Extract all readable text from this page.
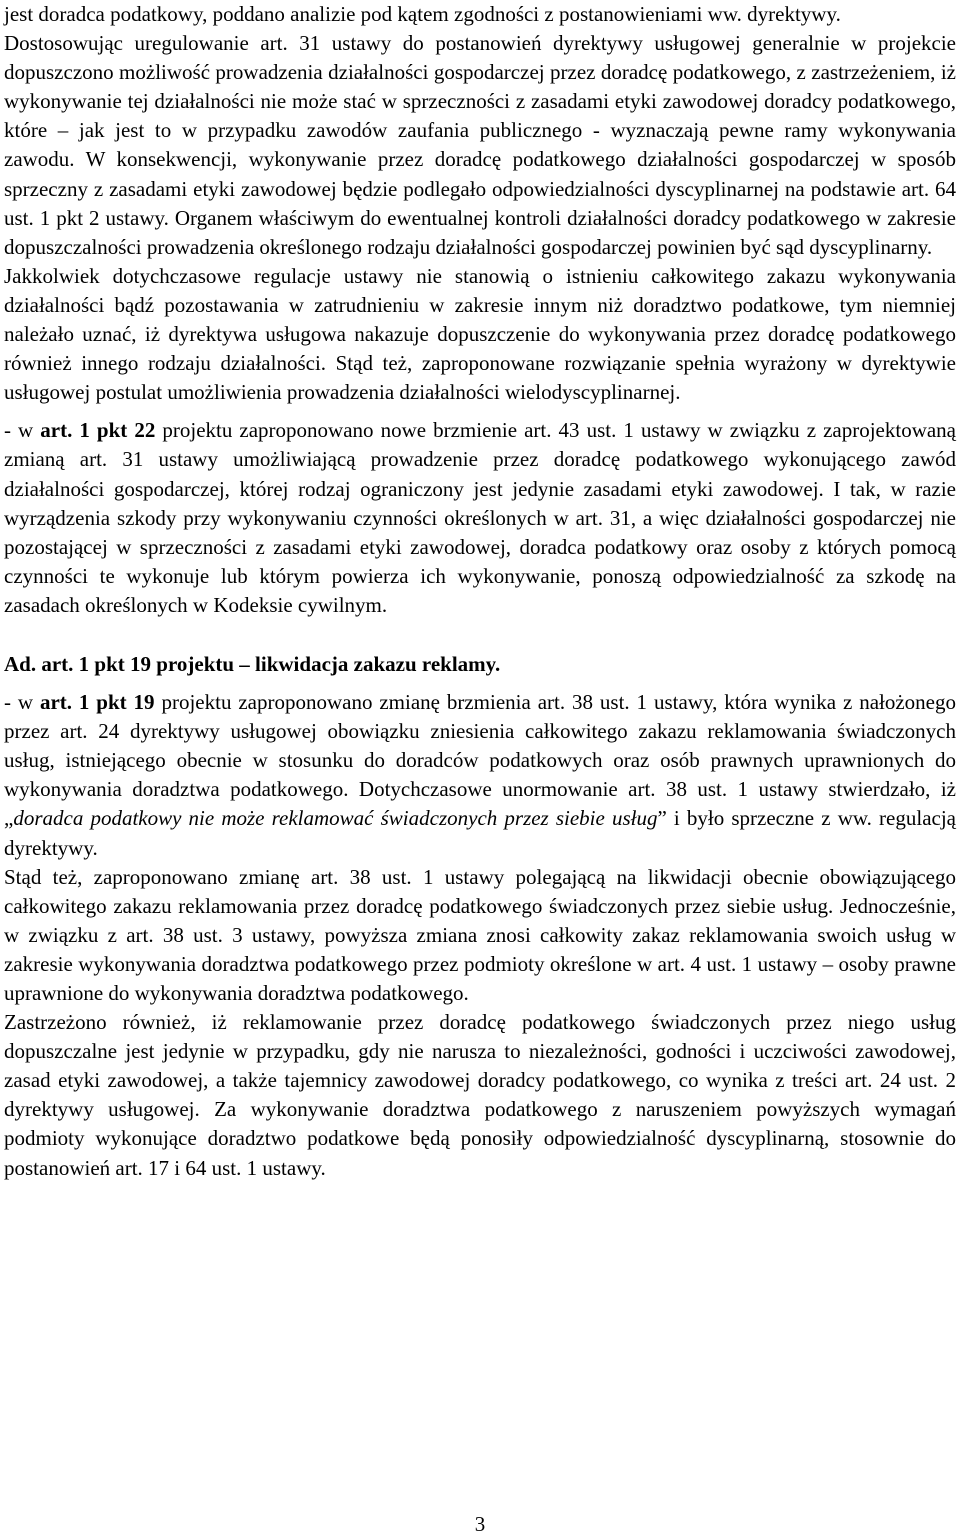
jest doradca podatkowy, poddano analizie pod kątem zgodności z postanowieniami ww. dyrektywy.

Dostosowując uregulowanie art. 31 ustawy do postanowień dyrektywy usługowej generalnie w projekcie dopuszczono możliwość prowadzenia działalności gospodarczej przez doradcę podatkowego, z zastrzeżeniem, iż wykonywanie tej działalności nie może stać w sprzeczności z zasadami etyki zawodowej doradcy podatkowego, które – jak jest to w przypadku zawodów zaufania publicznego - wyznaczają pewne ramy wykonywania zawodu. W konsekwencji, wykonywanie przez doradcę podatkowego działalności gospodarczej w sposób sprzeczny z zasadami etyki zawodowej będzie podlegało odpowiedzialności dyscyplinarnej na podstawie art. 64 ust. 1 pkt 2 ustawy. Organem właściwym do ewentualnej kontroli działalności doradcy podatkowego w zakresie dopuszczalności prowadzenia określonego rodzaju działalności gospodarczej powinien być sąd dyscyplinarny.

Jakkolwiek dotychczasowe regulacje ustawy nie stanowią o istnieniu całkowitego zakazu wykonywania działalności bądź pozostawania w zatrudnieniu w zakresie innym niż doradztwo podatkowe, tym niemniej należało uznać, iż dyrektywa usługowa nakazuje dopuszczenie do wykonywania przez doradcę podatkowego również innego rodzaju działalności. Stąd też, zaproponowane rozwiązanie spełnia wyrażony w dyrektywie usługowej postulat umożliwienia prowadzenia działalności wielodyscyplinarnej.

- w art. 1 pkt 22 projektu zaproponowano nowe brzmienie art. 43 ust. 1 ustawy w związku z zaprojektowaną zmianą art. 31 ustawy umożliwiającą prowadzenie przez doradcę podatkowego wykonującego zawód działalności gospodarczej, której rodzaj ograniczony jest jedynie zasadami etyki zawodowej. I tak, w razie wyrządzenia szkody przy wykonywaniu czynności określonych w art. 31, a więc działalności gospodarczej nie pozostającej w sprzeczności z zasadami etyki zawodowej, doradca podatkowy oraz osoby z których pomocą czynności te wykonuje lub którym powierza ich wykonywanie, ponoszą odpowiedzialność za szkodę na zasadach określonych w Kodeksie cywilnym.

Ad. art. 1 pkt 19 projektu – likwidacja zakazu reklamy.

- w art. 1 pkt 19 projektu zaproponowano zmianę brzmienia art. 38 ust. 1 ustawy, która wynika z nałożonego przez art. 24 dyrektywy usługowej obowiązku zniesienia całkowitego zakazu reklamowania świadczonych usług, istniejącego obecnie w stosunku do doradców podatkowych oraz osób prawnych uprawnionych do wykonywania doradztwa podatkowego. Dotychczasowe unormowanie art. 38 ust. 1 ustawy stwierdzało, iż „doradca podatkowy nie może reklamować świadczonych przez siebie usług” i było sprzeczne z ww. regulacją dyrektywy.

Stąd też, zaproponowano zmianę art. 38 ust. 1 ustawy polegającą na likwidacji obecnie obowiązującego całkowitego zakazu reklamowania przez doradcę podatkowego świadczonych przez siebie usług. Jednocześnie, w związku z art. 38 ust. 3 ustawy, powyższa zmiana znosi całkowity zakaz reklamowania swoich usług w zakresie wykonywania doradztwa podatkowego przez podmioty określone w art. 4 ust. 1 ustawy – osoby prawne uprawnione do wykonywania doradztwa podatkowego.

Zastrzeżono również, iż reklamowanie przez doradcę podatkowego świadczonych przez niego usług dopuszczalne jest jedynie w przypadku, gdy nie narusza to niezależności, godności i uczciwości zawodowej, zasad etyki zawodowej, a także tajemnicy zawodowej doradcy podatkowego, co wynika z treści art. 24 ust. 2 dyrektywy usługowej. Za wykonywanie doradztwa podatkowego z naruszeniem powyższych wymagań podmioty wykonujące doradztwo podatkowe będą ponosiły odpowiedzialność dyscyplinarną, stosownie do postanowień art. 17 i 64 ust. 1 ustawy.

3
